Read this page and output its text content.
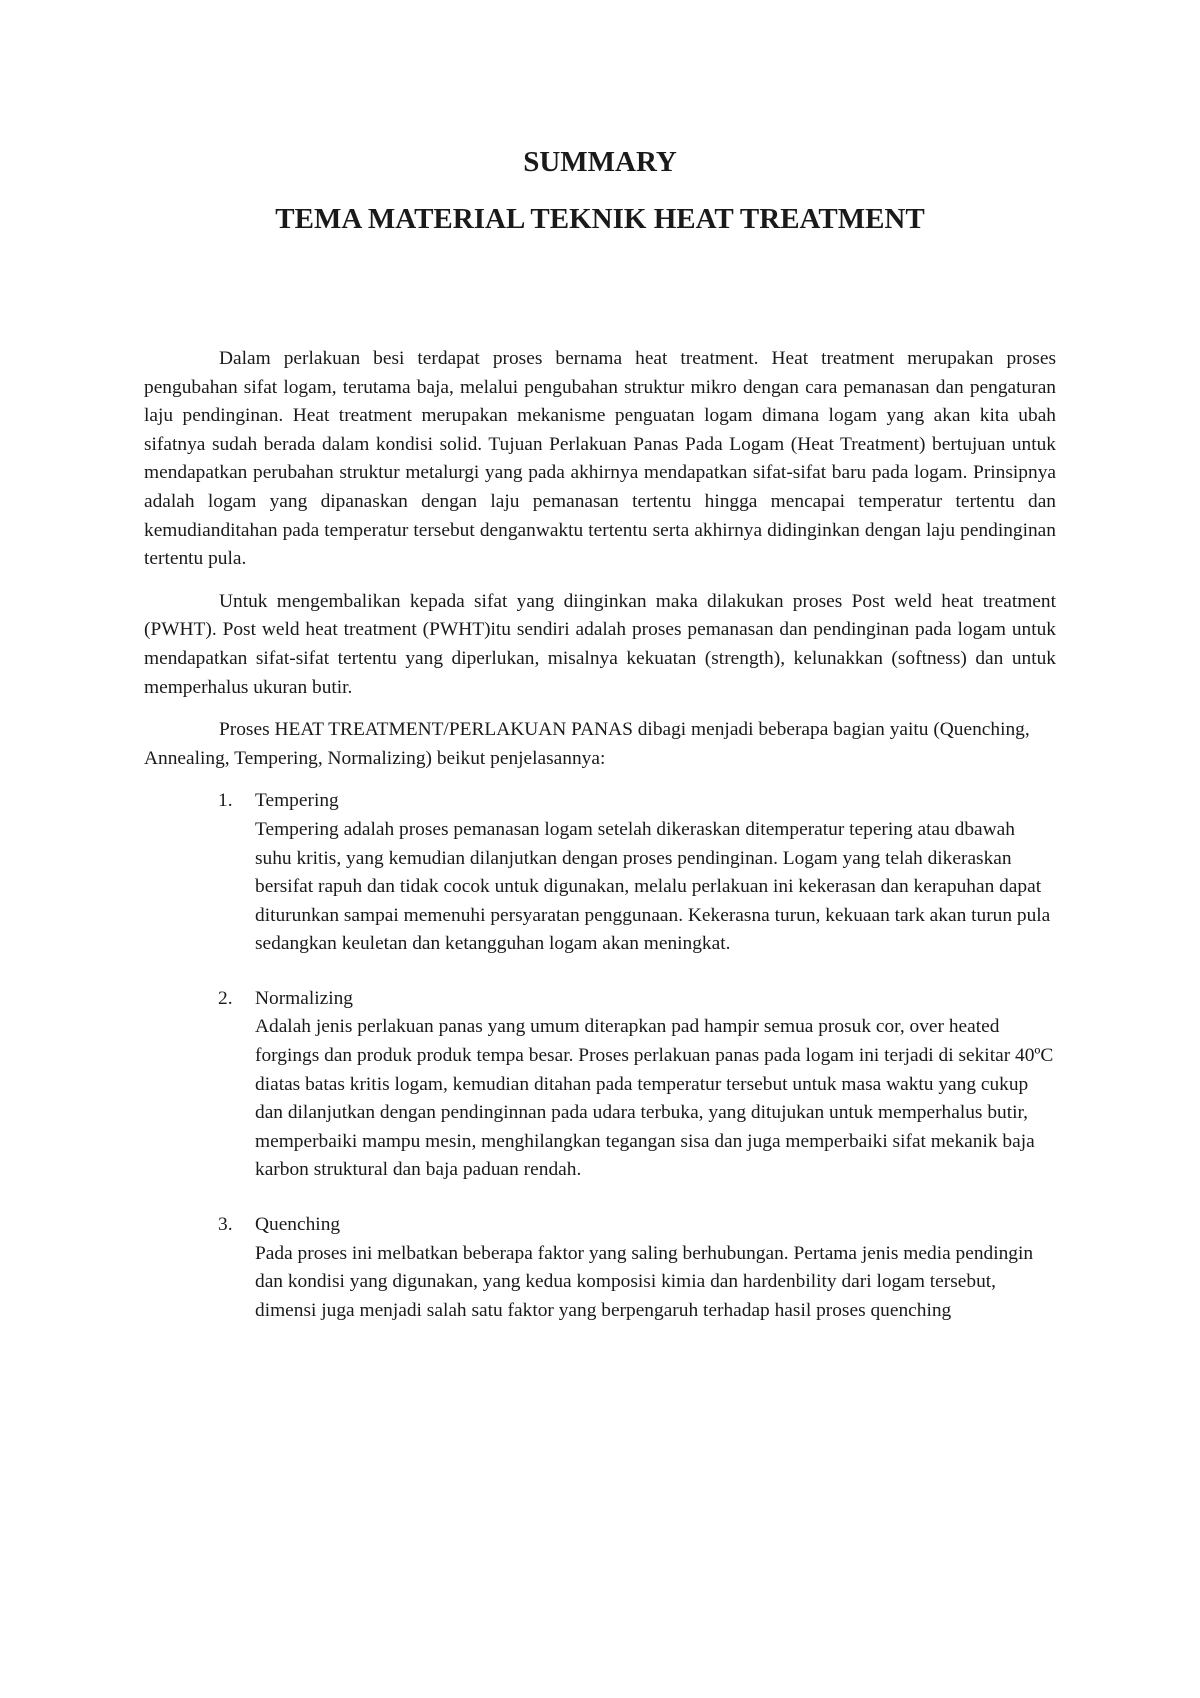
SUMMARY
TEMA MATERIAL TEKNIK HEAT TREATMENT

Dalam perlakuan besi terdapat proses bernama heat treatment. Heat treatment merupakan proses pengubahan sifat logam, terutama baja, melalui pengubahan struktur mikro dengan cara pemanasan dan pengaturan laju pendinginan. Heat treatment merupakan mekanisme penguatan logam dimana logam yang akan kita ubah sifatnya sudah berada dalam kondisi solid. Tujuan Perlakuan Panas Pada Logam (Heat Treatment) bertujuan untuk mendapatkan perubahan struktur metalurgi yang pada akhirnya mendapatkan sifat-sifat baru pada logam. Prinsipnya adalah logam yang dipanaskan dengan laju pemanasan tertentu hingga mencapai temperatur tertentu dan kemudianditahan pada temperatur tersebut denganwaktu tertentu serta akhirnya didinginkan dengan laju pendinginan tertentu pula.

Untuk mengembalikan kepada sifat yang diinginkan maka dilakukan proses Post weld heat treatment (PWHT). Post weld heat treatment (PWHT)itu sendiri adalah proses pemanasan dan pendinginan pada logam untuk mendapatkan sifat-sifat tertentu yang diperlukan, misalnya kekuatan (strength), kelunakkan (softness) dan untuk memperhalus ukuran butir.

Proses HEAT TREATMENT/PERLAKUAN PANAS dibagi menjadi beberapa bagian yaitu (Quenching, Annealing, Tempering, Normalizing) beikut penjelasannya:

1. Tempering
Tempering adalah proses pemanasan logam setelah dikeraskan ditemperatur tepering atau dbawah suhu kritis, yang kemudian dilanjutkan dengan proses pendinginan. Logam yang telah dikeraskan bersifat rapuh dan tidak cocok untuk digunakan, melalu perlakuan ini kekerasan dan kerapuhan dapat diturunkan sampai memenuhi persyaratan penggunaan. Kekerasna turun, kekuaan tark akan turun pula sedangkan keuletan dan ketangguhan logam akan meningkat.
2. Normalizing
Adalah jenis perlakuan panas yang umum diterapkan pad hampir semua prosuk cor, over heated forgings dan produk produk tempa besar. Proses perlakuan panas pada logam ini terjadi di sekitar 40ºC diatas batas kritis logam, kemudian ditahan pada temperatur tersebut untuk masa waktu yang cukup dan dilanjutkan dengan pendinginnan pada udara terbuka, yang ditujukan untuk memperhalus butir, memperbaiki mampu mesin, menghilangkan tegangan sisa dan juga memperbaiki sifat mekanik baja karbon struktural dan baja paduan rendah.
3. Quenching
Pada proses ini melbatkan beberapa faktor yang saling berhubungan. Pertama jenis media pendingin dan kondisi yang digunakan, yang kedua komposisi kimia dan hardenbility dari logam tersebut, dimensi juga menjadi salah satu faktor yang berpengaruh terhadap hasil proses quenching
